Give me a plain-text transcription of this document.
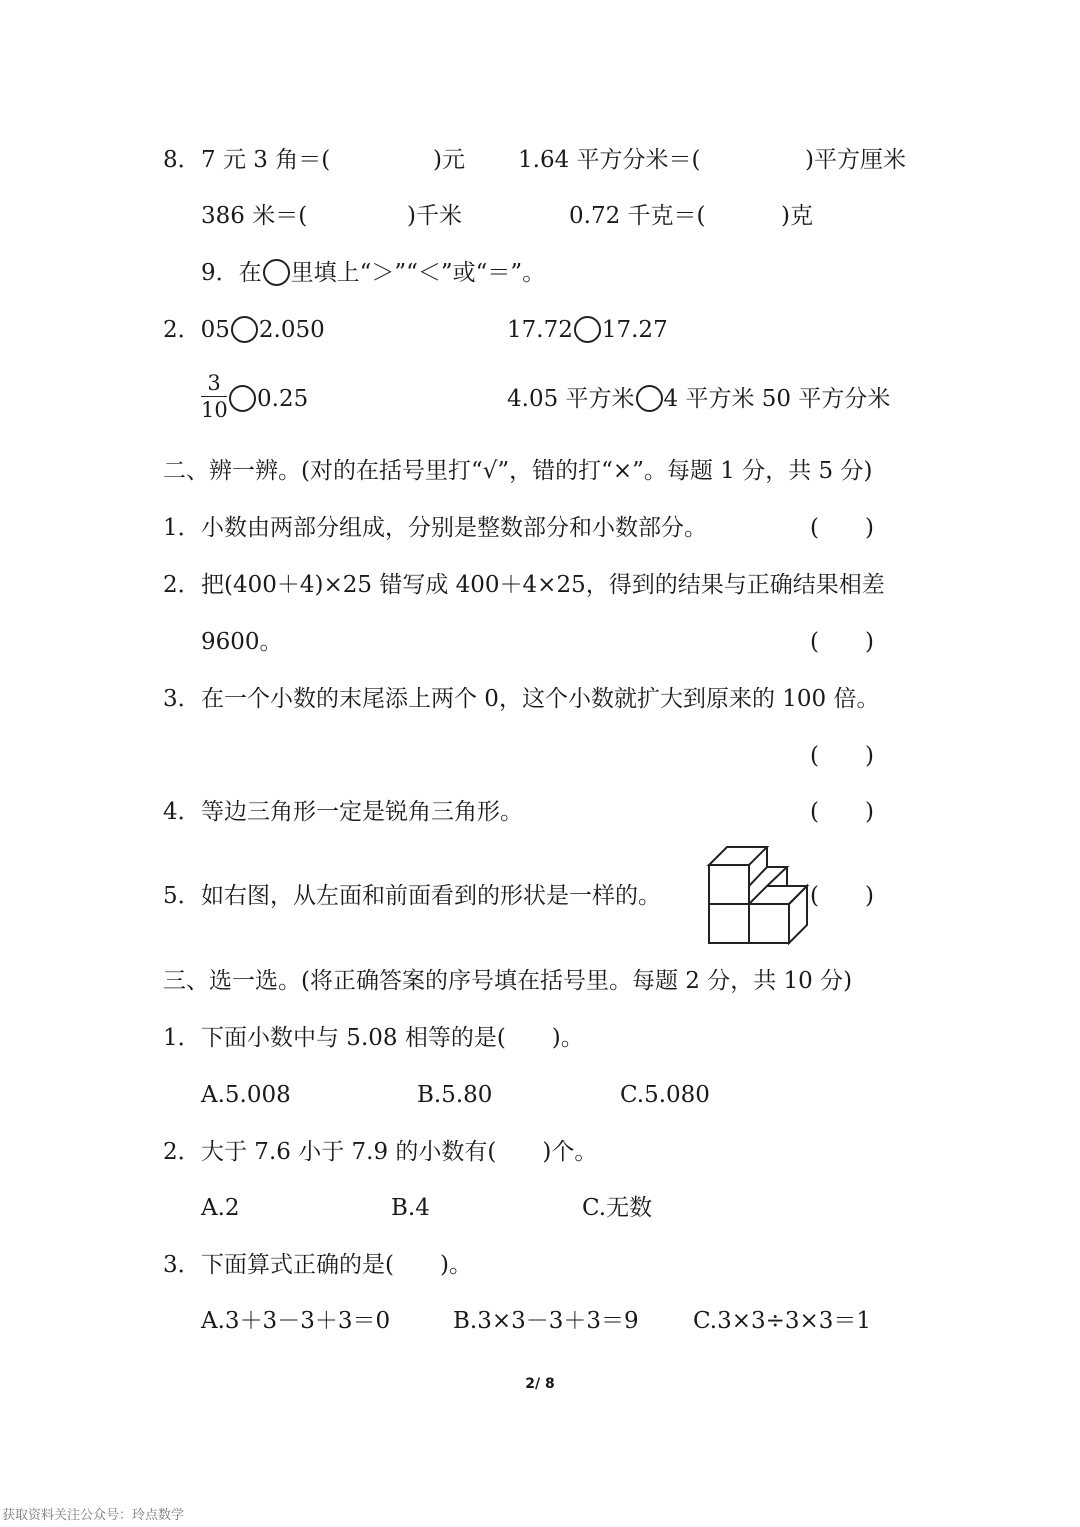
8． 7 元 3 角＝(	)元 1.64 平方分米＝(	)平方厘米
386 米＝(	)千米	0.72 千克＝(	)克
9．在 里填上“＞”“＜”或“＝”。
2．05 2.050	17.72 17.27
3
10	0.25	4.05 平方米 4 平方米 50 平方分米
二、辨一辨。(对的在括号里打“√”，错的打“×”。每题 1 分，共 5 分)
1． 小数由两部分组成，分别是整数部分和小数部分。	(　　)
2． 把(400＋4)×25 错写成 400＋4×25，得到的结果与正确结果相差
9600。	(　　)
3． 在一个小数的末尾添上两个 0，这个小数就扩大到原来的 100 倍。
(　　)
4． 等边三角形一定是锐角三角形。	(　　)
5． 如右图，从左面和前面看到的形状是一样的。	(　　)
三、选一选。(将正确答案的序号填在括号里。每题 2 分，共 10 分)
1． 下面小数中与 5.08 相等的是(　　)。
A.5.008	B.5.80	C.5.080
2． 大于 7.6 小于 7.9 的小数有(　　)个。
A.2	B.4	C.无数
3． 下面算式正确的是(　　)。
A.3＋3－3＋3＝0	B.3×3－3＋3＝9 C.3×3÷3×3＝1
2/ 8
获取资料关注公众号：玲点数学
